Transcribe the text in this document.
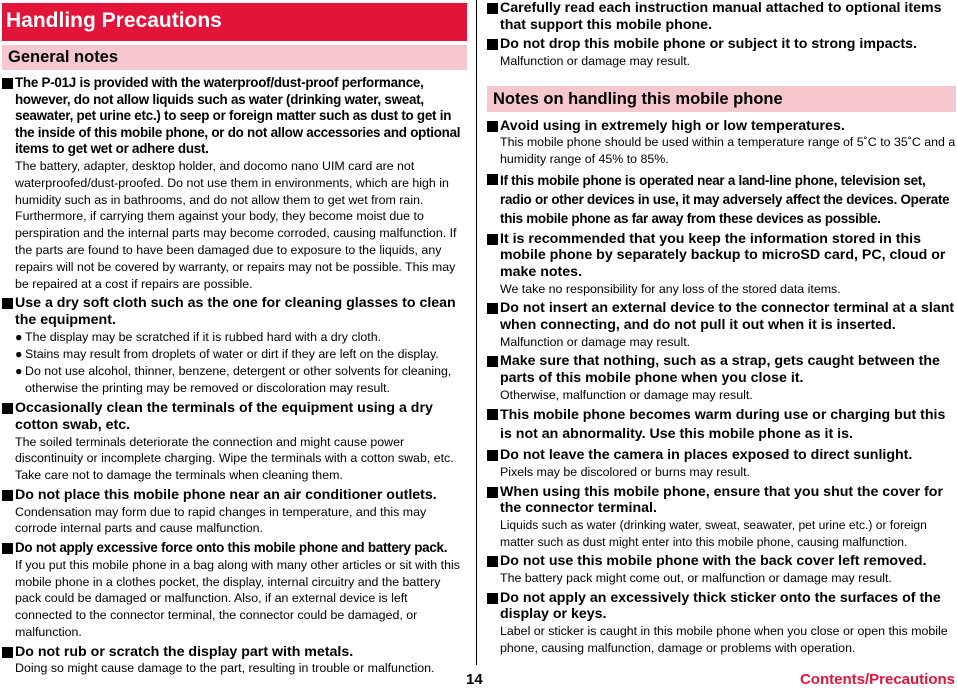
Handling Precautions
General notes
The P-01J is provided with the waterproof/dust-proof performance, however, do not allow liquids such as water (drinking water, sweat, seawater, pet urine etc.) to seep or foreign matter such as dust to get in the inside of this mobile phone, or do not allow accessories and optional items to get wet or adhere dust.
The battery, adapter, desktop holder, and docomo nano UIM card are not waterproofed/dust-proofed. Do not use them in environments, which are high in humidity such as in bathrooms, and do not allow them to get wet from rain. Furthermore, if carrying them against your body, they become moist due to perspiration and the internal parts may become corroded, causing malfunction. If the parts are found to have been damaged due to exposure to the liquids, any repairs will not be covered by warranty, or repairs may not be possible. This may be repaired at a cost if repairs are possible.
Use a dry soft cloth such as the one for cleaning glasses to clean the equipment.
● The display may be scratched if it is rubbed hard with a dry cloth.
● Stains may result from droplets of water or dirt if they are left on the display.
● Do not use alcohol, thinner, benzene, detergent or other solvents for cleaning, otherwise the printing may be removed or discoloration may result.
Occasionally clean the terminals of the equipment using a dry cotton swab, etc.
The soiled terminals deteriorate the connection and might cause power discontinuity or incomplete charging. Wipe the terminals with a cotton swab, etc. Take care not to damage the terminals when cleaning them.
Do not place this mobile phone near an air conditioner outlets.
Condensation may form due to rapid changes in temperature, and this may corrode internal parts and cause malfunction.
Do not apply excessive force onto this mobile phone and battery pack.
If you put this mobile phone in a bag along with many other articles or sit with this mobile phone in a clothes pocket, the display, internal circuitry and the battery pack could be damaged or malfunction. Also, if an external device is left connected to the connector terminal, the connector could be damaged, or malfunction.
Do not rub or scratch the display part with metals.
Doing so might cause damage to the part, resulting in trouble or malfunction.
Carefully read each instruction manual attached to optional items that support this mobile phone.
Do not drop this mobile phone or subject it to strong impacts.
Malfunction or damage may result.
Notes on handling this mobile phone
Avoid using in extremely high or low temperatures.
This mobile phone should be used within a temperature range of 5˚C to 35˚C and a humidity range of 45% to 85%.
If this mobile phone is operated near a land-line phone, television set, radio or other devices in use, it may adversely affect the devices. Operate this mobile phone as far away from these devices as possible.
It is recommended that you keep the information stored in this mobile phone by separately backup to microSD card, PC, cloud or make notes.
We take no responsibility for any loss of the stored data items.
Do not insert an external device to the connector terminal at a slant when connecting, and do not pull it out when it is inserted.
Malfunction or damage may result.
Make sure that nothing, such as a strap, gets caught between the parts of this mobile phone when you close it.
Otherwise, malfunction or damage may result.
This mobile phone becomes warm during use or charging but this is not an abnormality. Use this mobile phone as it is.
Do not leave the camera in places exposed to direct sunlight.
Pixels may be discolored or burns may result.
When using this mobile phone, ensure that you shut the cover for the connector terminal.
Liquids such as water (drinking water, sweat, seawater, pet urine etc.) or foreign matter such as dust might enter into this mobile phone, causing malfunction.
Do not use this mobile phone with the back cover left removed.
The battery pack might come out, or malfunction or damage may result.
Do not apply an excessively thick sticker onto the surfaces of the display or keys.
Label or sticker is caught in this mobile phone when you close or open this mobile phone, causing malfunction, damage or problems with operation.
14	Contents/Precautions
